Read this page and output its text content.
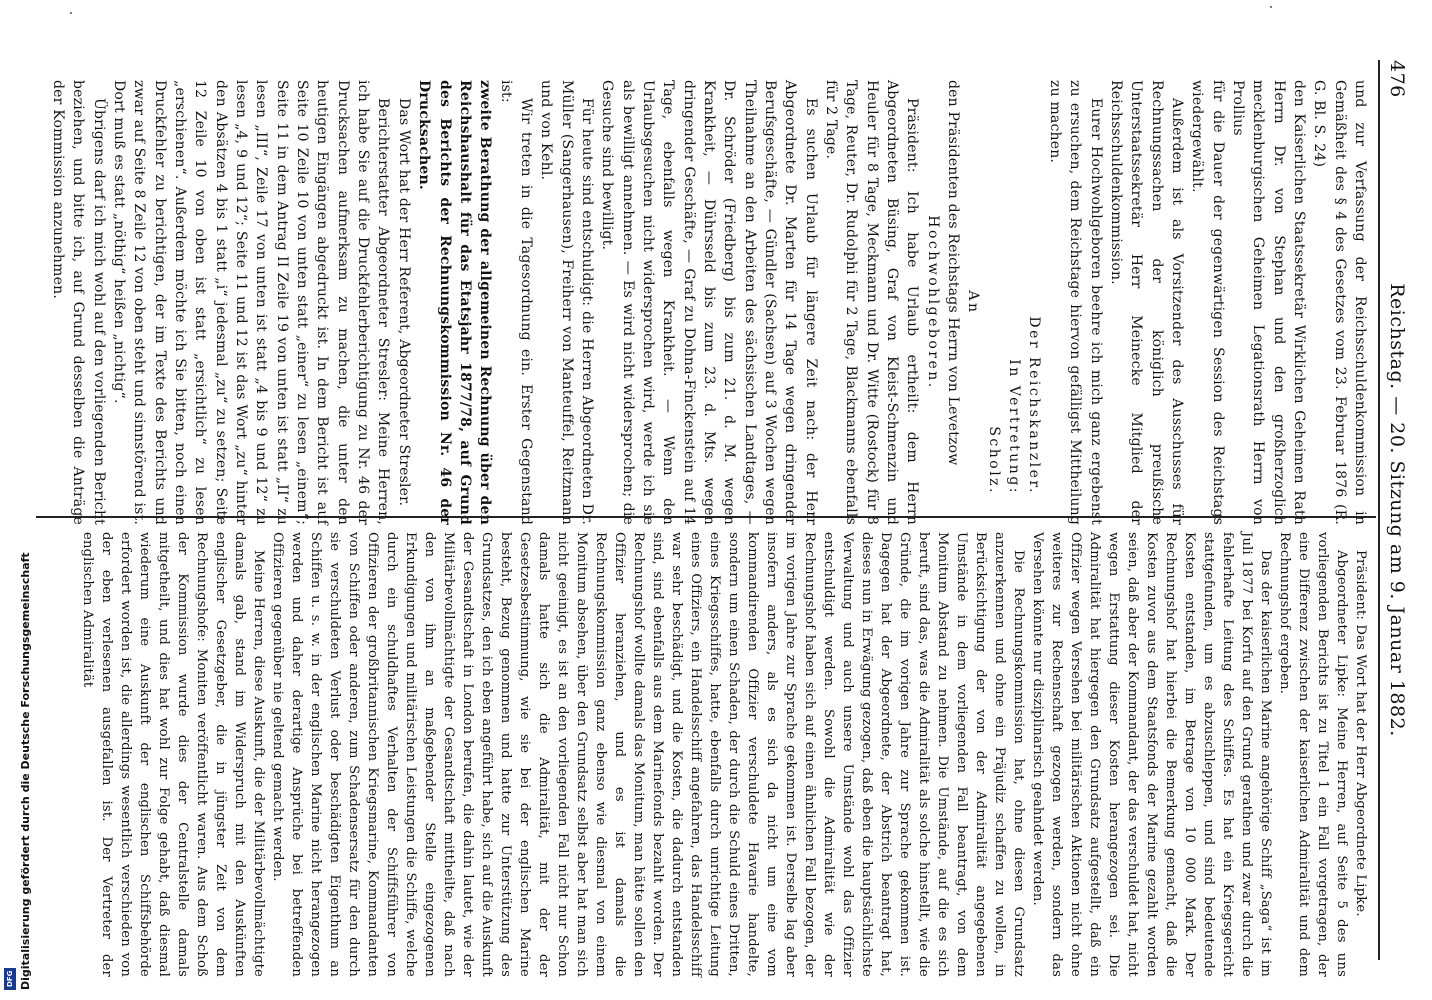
Digitalisierung gefördert durch die Deutsche Forschungsgemeinschaft
DFG
476
Reichstag. — 20. Sitzung am 9. Januar 1882.

und zur Verfassung der Reichsschuldenkommission in Gemäßheit des § 4 des Gesetzes vom 23. Februar 1876 (R. G. Bl. S. 24)

den Kaiserlichen Staatssekretär Wirklichen Geheimen Rath Herrn Dr. von Stephan und den großherzoglich mecklenburgischen Geheimen Legationsrath Herrn von Prollius

für die Dauer der gegenwärtigen Session des Reichstags wiedergewählt.

Außerdem ist als Vorsitzender des Ausschusses für Rechnungssachen der königlich preußische Unterstaatssekretär Herr Meinecke Mitglied der Reichsschuldenkommission.

Eurer Hochwohlgeboren beehre ich mich ganz ergebenst zu ersuchen, dem Reichstage hiervon gefälligst Mittheilung zu machen.

Der Reichskanzler.

In Vertretung:

Scholz.

An

den Präsidenten des Reichstags Herrn von Levetzow

Hochwohlgeboren.

Präsident: Ich habe Urlaub ertheilt: dem Herrn Abgeordneten Büsing, Graf von Kleist-Schmenzin und Heuler für 8 Tage, Meckmann und Dr. Witte (Rostock) für 8 Tage, Reuter, Dr. Rudolphi für 2 Tage, Blackmanns ebenfalls für 2 Tage.

Es suchen Urlaub für längere Zeit nach: der Herr Abgeordnete Dr. Marten für 14 Tage wegen dringender Berufsgeschäfte, — Gündler (Sachsen) auf 3 Wochen wegen Theilnahme an den Arbeiten des sächsischen Landtages, — Dr. Schröder (Friedberg) bis zum 21. d. M. wegen Krankheit, — Dührsseld bis zum 23. d. Mts. wegen dringender Geschäfte, — Graf zu Dohna-Finckenstein auf 14 Tage, ebenfalls wegen Krankheit. — Wenn den Urlaubsgesuchen nicht widersprochen wird, werde ich sie als bewilligt annehmen. — Es wird nicht widersprochen; die Gesuche sind bewilligt.

Für heute sind entschuldigt: die Herren Abgeordneten Dr. Müller (Sangerhausen), Freiherr von Manteuffel, Reitzmann und von Kehl.

Wir treten in die Tagesordnung ein. Erster Gegenstand ist:

zweite Berathung der allgemeinen Rechnung über den Reichshaushalt für das Etatsjahr 1877/78, auf Grund des Berichts der Rechnungskommission Nr. 46 der Drucksachen.

Das Wort hat der Herr Referent, Abgeordneter Stresler.

Berichterstatter Abgeordneter Stresler: Meine Herren, ich habe Sie auf die Druckfehlerberichtigung zu Nr. 46 der Drucksachen aufmerksam zu machen, die unter den heutigen Eingängen abgedruckt ist. In dem Bericht ist auf Seite 10 Zeile 10 von unten statt „einer“ zu lesen „einem“; Seite 11 in dem Antrag II Zeile 19 von unten ist statt „II“ zu lesen „III“, Zeile 17 von unten ist statt „4 bis 9 und 12“ zu lesen „4, 9 und 12“; Seite 11 und 12 ist das Wort „zu“ hinter den Absätzen 4 bis 1 statt „i“ jedesmal „zu“ zu setzen; Seite 12 Zeile 10 von oben ist statt „ersichtlich“ zu lesen „erschienen“. Außerdem möchte ich Sie bitten, noch einen Druckfehler zu berichtigen, der im Texte des Berichts und zwar auf Seite 8 Zeile 12 von oben steht und sinnstörend ist. Dort muß es statt „nöthig“ heißen „nichtig“.

Übrigens darf ich mich wohl auf den vorliegenden Bericht beziehen, und bitte ich, auf Grund desselben die Anträge der Kommission anzunehmen.

Präsident: Das Wort hat der Herr Abgeordnete Lipke.

Abgeordneter Lipke: Meine Herren, auf Seite 5 des uns vorliegenden Berichts ist zu Titel 1 ein Fall vorgetragen, der eine Differenz zwischen der kaiserlichen Admiralität und dem Rechnungshof ergeben.

Das der kaiserlichen Marine angehörige Schiff „Saga“ ist im Juli 1877 bei Korfu auf den Grund gerathen und zwar durch die fehlerhafte Leitung des Schiffes. Es hat ein Kriegsgericht stattgefunden, um es abzuschleppen, und sind bedeutende Kosten entstanden, im Betrage von 10 000 Mark. Der Rechnungshof hat hierbei die Bemerkung gemacht, daß die Kosten zuvor aus dem Staatsfonds der Marine gezahlt worden seien, daß aber der Kommandant, der das verschuldet hat, nicht wegen Erstattung dieser Kosten herangezogen sei. Die Admiralität hat hiergegen den Grundsatz aufgestellt, daß ein Offizier wegen Versehen bei militärischen Aktionen nicht ohne weiteres zur Rechenschaft gezogen werden, sondern das Versehen könnte nur disziplinarisch geahndet werden.

Die Rechnungskommission hat, ohne diesen Grundsatz anzuerkennen und ohne ein Präjudiz schaffen zu wollen, in Berücksichtigung der von der Admiralität angegebenen Umstände in dem vorliegenden Fall beantragt, von dem Monitum Abstand zu nehmen. Die Umstände, auf die es sich beruft, sind das, was die Admiralität als solche hinstellt, wie die Gründe, die im vorigen Jahre zur Sprache gekommen ist. Dagegen hat der Abgeordnete, der Abstrich beantragt hat, dieses nun in Erwägung gezogen, daß eben die hauptsächlichste Verwaltung und auch unsere Umstände wohl das Offizier entschuldigt werden. Sowohl die Admiralität wie der Rechnungshof haben sich auf einen ähnlichen Fall bezogen, der im vorigen Jahre zur Sprache gekommen ist. Derselbe lag aber insofern anders, als es sich da nicht um eine vom kommandirenden Offizier verschuldete Havarie handelte, sondern um einen Schaden, der durch die Schuld eines Dritten, eines Kriegsschiffes, hatte, ebenfalls durch unrichtige Leitung eines Offiziers, ein Handelsschiff angefahren, das Handelsschiff war sehr beschädigt, und die Kosten, die dadurch entstanden sind, sind ebenfalls aus dem Marinefonds bezahlt worden. Der Rechnungshof wollte damals das Monitum, man hätte sollen den Offizier heranziehen, und es ist damals die Rechnungskommission ganz ebenso wie diesmal von einem Monitum absehen, über den Grundsatz selbst aber hat man sich nicht geeinigt, es ist an den vorliegenden Fall nicht nur Schon damals hatte sich die Admiralität, mit der der Gesetzesbestimmung, wie sie bei der englischen Marine besteht, Bezug genommen und hatte zur Unterstützung des Grundsatzes, den ich eben angeführt habe, sich auf die Auskunft der Gesandtschaft in London berufen, die dahin lautet, wie der Militärbevollmächtigte der Gesandtschaft mittheilte, daß nach den von ihm an maßgebender Stelle eingezogenen Erkundigungen und militärischen Leistungen die Schiffe, welche durch ein schuldhaftes Verhalten der Schiffsführer von Offizieren der großbritannischen Kriegsmarine, Kommandanten von Schiffen oder anderen, zum Schadensersatz für den durch sie verschuldeten Verlust oder beschädigten Eigenthum an Schiffen u. s. w. in der englischen Marine nicht herangezogen werden und daher derartige Ansprüche bei betreffenden Offizieren gegenüber nie geltend gemacht werden.

Meine Herren, diese Auskunft, die der Militärbevollmächtigte damals gab, stand im Widerspruch mit den Auskünften englischer Gesetzgeber, die in jüngster Zeit von dem Rechnungshofe: Moniten veröffentlicht waren. Aus dem Schoß der Kommission wurde dies der Centralstelle damals mitgetheilt, und dies hat wohl zur Folge gehabt, daß diesmal wiederum eine Auskunft der englischen Schiffsbehörde erfordert worden ist, die allerdings wesentlich verschieden von der eben verlesenen ausgefallen ist. Der Vertreter der englischen Admiralität
